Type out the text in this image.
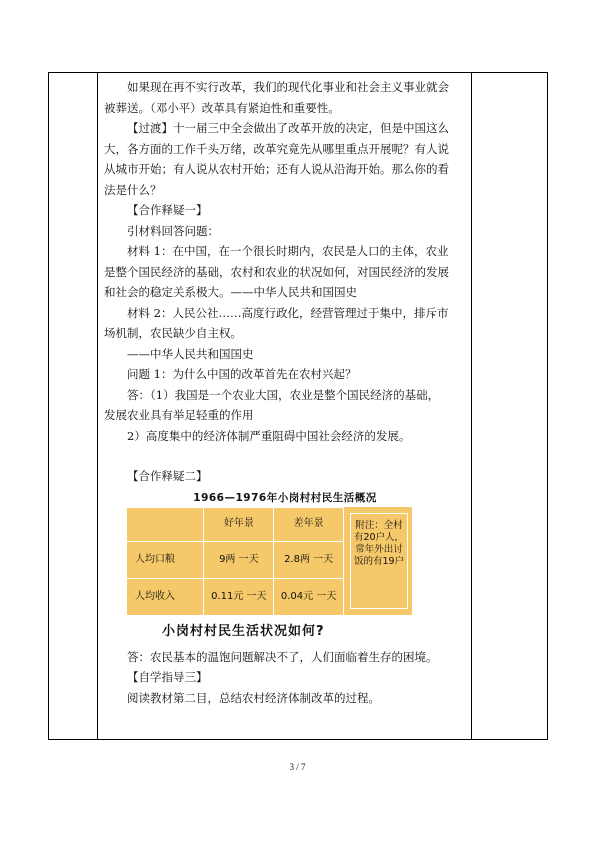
如果现在再不实行改革，我们的现代化事业和社会主义事业就会

被葬送。（邓小平）改革具有紧迫性和重要性。

【过渡】十一届三中全会做出了改革开放的决定，但是中国这么

大，各方面的工作千头万绪，改革究竟先从哪里重点开展呢？有人说

从城市开始；有人说从农村开始；还有人说从沿海开始。那么你的看

法是什么？

【合作释疑一】

引材料回答问题：

材料 1：在中国，在一个很长时期内，农民是人口的主体，农业

是整个国民经济的基础，农村和农业的状况如何，对国民经济的发展

和社会的稳定关系极大。——中华人民共和国国史

材料 2：人民公社……高度行政化，经营管理过于集中，排斥市

场机制，农民缺少自主权。

——中华人民共和国国史

问题 1：为什么中国的改革首先在农村兴起？

答：（1）我国是一个农业大国，农业是整个国民经济的基础，

发展农业具有举足轻重的作用

2）高度集中的经济体制严重阻碍中国社会经济的发展。

【合作释疑二】

1966—1976年小岗村村民生活概况
	好年景	差年景
人均口粮	9两 一天	2.8两 一天
人均收入	0.11元 一天	0.04元 一天
附注：全村有20户人，常年外出讨饭的有19户
小岗村村民生活状况如何?

答：农民基本的温饱问题解决不了，人们面临着生存的困境。

【自学指导三】

阅读教材第二目，总结农村经济体制改革的过程。

3 / 7
